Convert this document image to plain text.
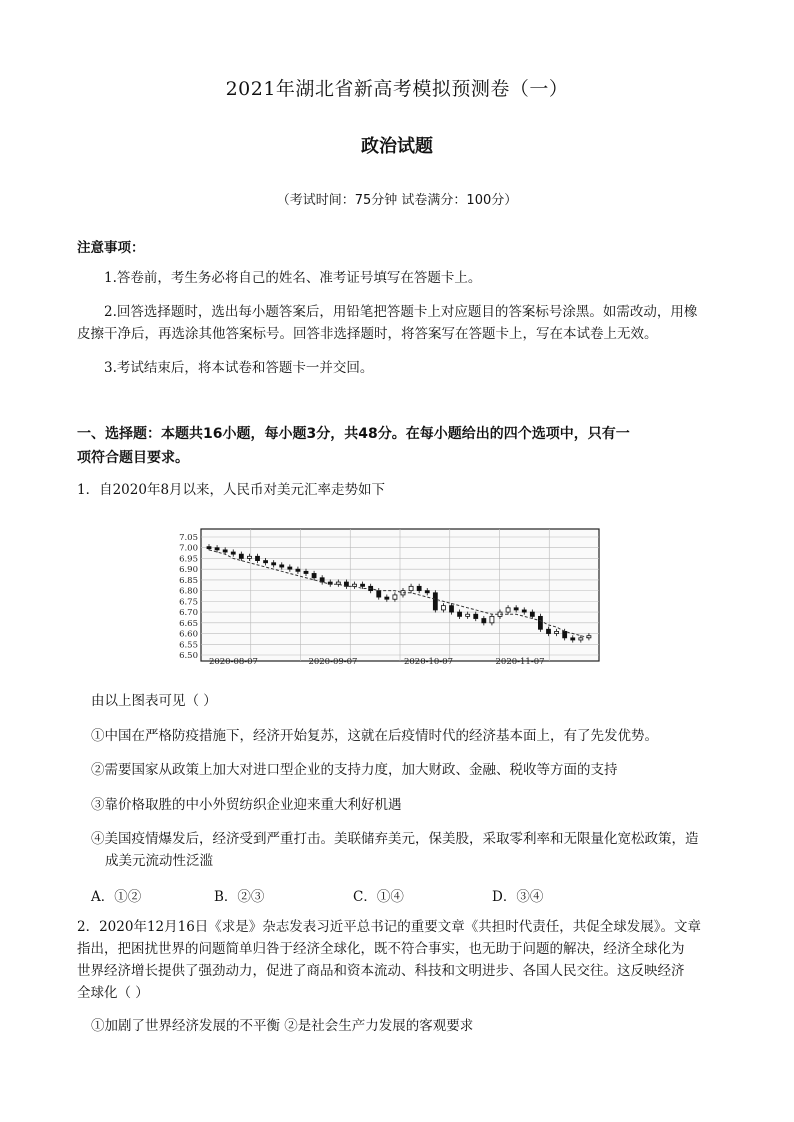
2021年湖北省新高考模拟预测卷（一）
政治试题
（考试时间：75分钟 试卷满分：100分）
注意事项：
1.答卷前，考生务必将自己的姓名、准考证号填写在答题卡上。
2.回答选择题时，选出每小题答案后，用铅笔把答题卡上对应题目的答案标号涂黑。如需改动，用橡
皮擦干净后，再选涂其他答案标号。回答非选择题时，将答案写在答题卡上，写在本试卷上无效。
3.考试结束后，将本试卷和答题卡一并交回。
一、选择题：本题共16小题，每小题3分，共48分。在每小题给出的四个选项中，只有一
项符合题目要求。
1．自2020年8月以来，人民币对美元汇率走势如下
7.05
7.00
6.95
6.90
6.85
6.80
6.75
6.70
6.65
6.60
6.55
6.50
2020-08-07	2020-09-07	2020-10-07	2020-11-07
由以上图表可见（ ）
①中国在严格防疫措施下，经济开始复苏，这就在后疫情时代的经济基本面上，有了先发优势。
②需要国家从政策上加大对进口型企业的支持力度，加大财政、金融、税收等方面的支持
③靠价格取胜的中小外贸纺织企业迎来重大利好机遇
④美国疫情爆发后，经济受到严重打击。美联储弃美元，保美股，采取零利率和无限量化宽松政策，造
成美元流动性泛滥
A．①②	B．②③	C．①④	D．③④
2．2020年12月16日《求是》杂志发表习近平总书记的重要文章《共担时代责任，共促全球发展》。文章
指出，把困扰世界的问题简单归咎于经济全球化，既不符合事实，也无助于问题的解决，经济全球化为
世界经济增长提供了强劲动力，促进了商品和资本流动、科技和文明进步、各国人民交往。这反映经济
全球化（ ）
①加剧了世界经济发展的不平衡 ②是社会生产力发展的客观要求
